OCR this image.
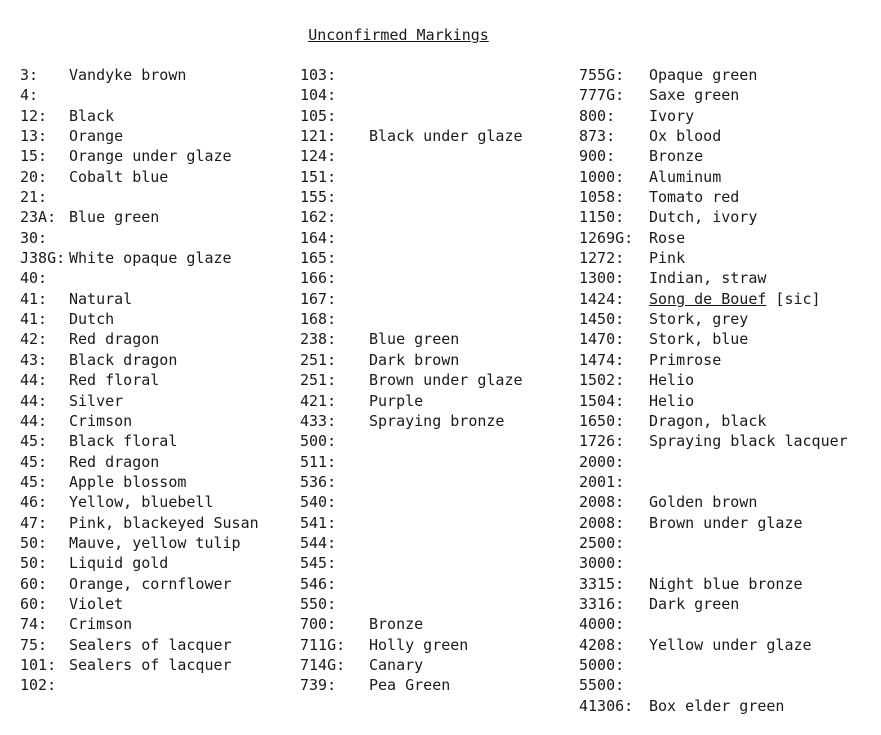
Unconfirmed Markings
3: Vandyke brown
4:
12: Black
13: Orange
15: Orange under glaze
20: Cobalt blue
21:
23A: Blue green
30:
J38G: White opaque glaze
40:
41: Natural
41: Dutch
42: Red dragon
43: Black dragon
44: Red floral
44: Silver
44: Crimson
45: Black floral
45: Red dragon
45: Apple blossom
46: Yellow, bluebell
47: Pink, blackeyed Susan
50: Mauve, yellow tulip
50: Liquid gold
60: Orange, cornflower
60: Violet
74: Crimson
75: Sealers of lacquer
101: Sealers of lacquer
102:
103:
104:
105:
121: Black under glaze
124:
151:
155:
162:
164:
165:
166:
167:
168:
238: Blue green
251: Dark brown
251: Brown under glaze
421: Purple
433: Spraying bronze
500:
511:
536:
540:
541:
544:
545:
546:
550:
700: Bronze
711G: Holly green
714G: Canary
739: Pea Green
755G: Opaque green
777G: Saxe green
800: Ivory
873: Ox blood
900: Bronze
1000: Aluminum
1058: Tomato red
1150: Dutch, ivory
1269G: Rose
1272: Pink
1300: Indian, straw
1424: Song de Bouef [sic]
1450: Stork, grey
1470: Stork, blue
1474: Primrose
1502: Helio
1504: Helio
1650: Dragon, black
1726: Spraying black lacquer
2000:
2001:
2008: Golden brown
2008: Brown under glaze
2500:
3000:
3315: Night blue bronze
3316: Dark green
4000:
4208: Yellow under glaze
5000:
5500:
41306: Box elder green
